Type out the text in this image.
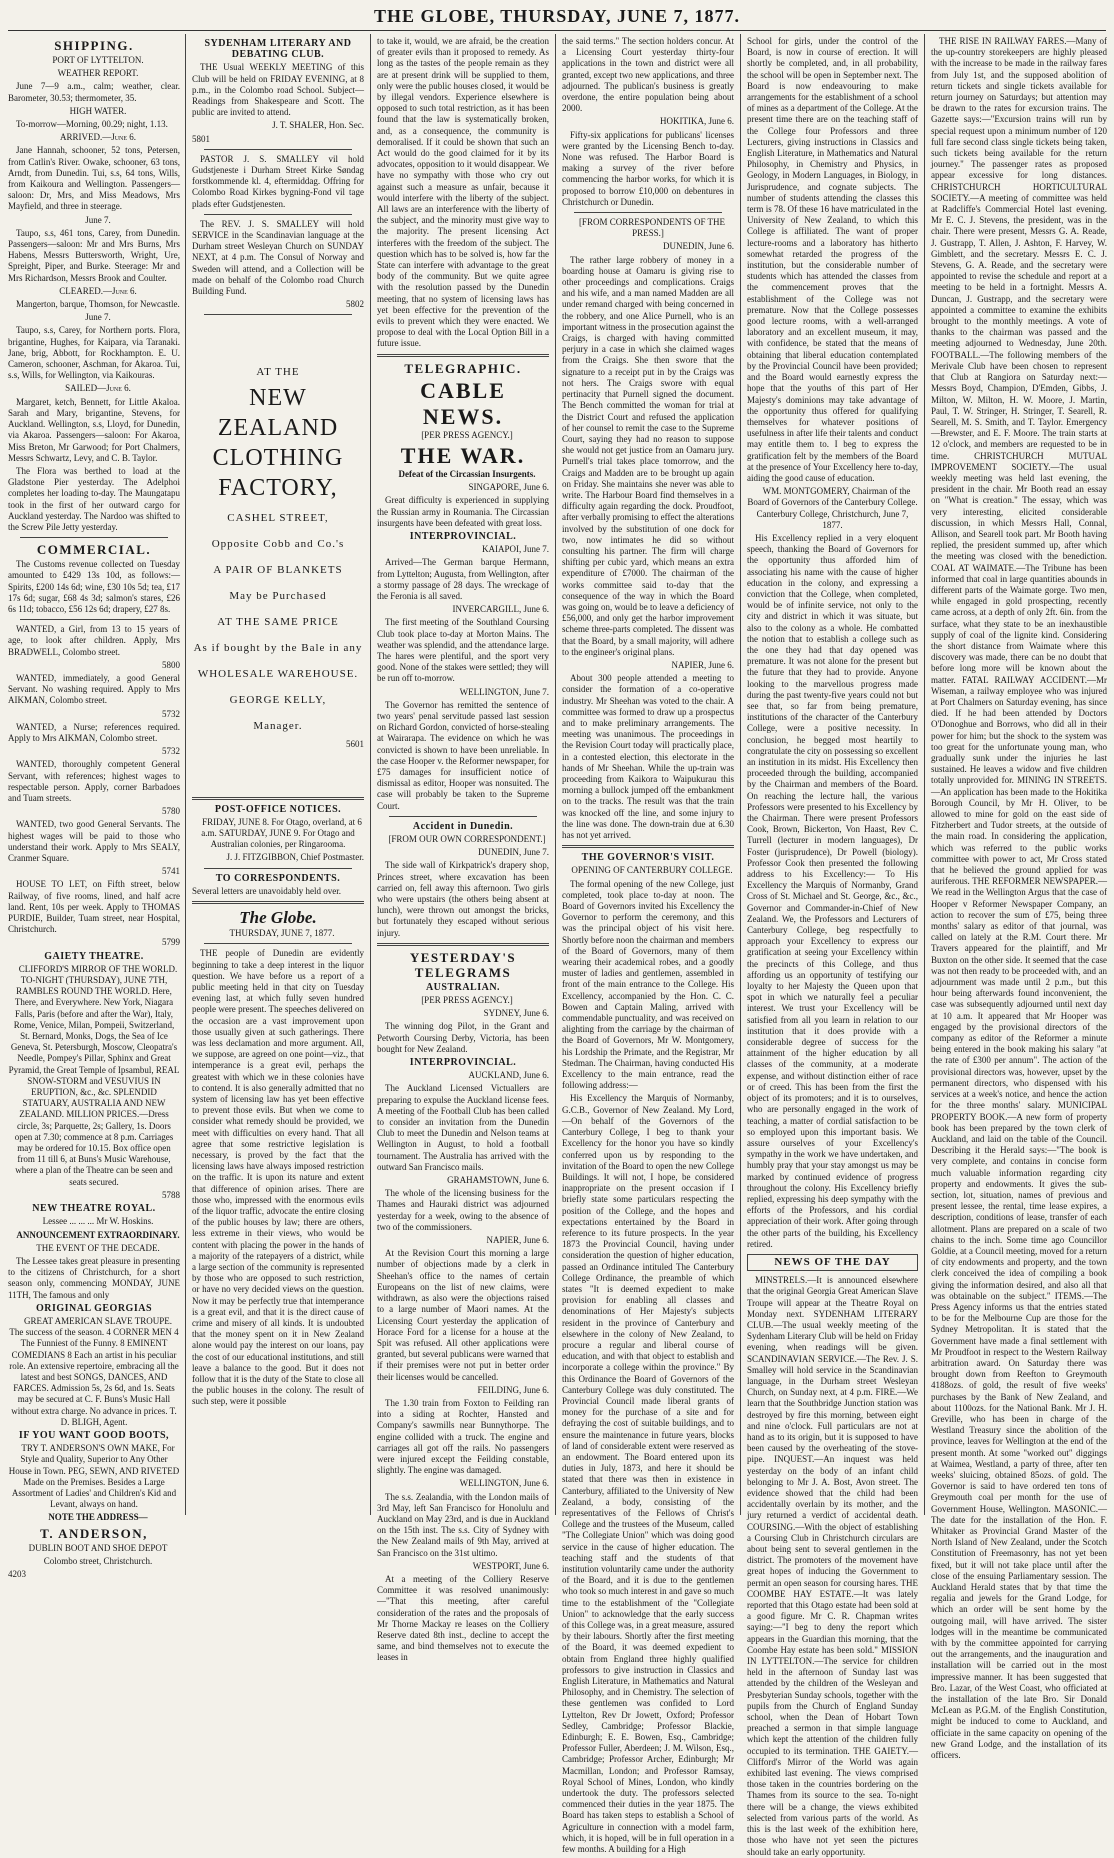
THE GLOBE, THURSDAY, JUNE 7, 1877.
SHIPPING.

PORT OF LYTTELTON.

WEATHER REPORT.

June 7—9 a.m., calm; weather, clear. Barometer, 30.53; thermometer, 35.

HIGH WATER.

To-morrow—Morning, 00.29; night, 1.13.

ARRIVED.—June 6.

Jane Hannah, schooner, 52 tons, Petersen, from Catlin's River. Owake, schooner, 63 tons, Arndt, from Dunedin. Tui, s.s, 64 tons, Wills, from Kaikoura and Wellington. Passengers—saloon: Dr, Mrs, and Miss Meadows, Mrs Mayfield, and three in steerage.

June 7.

Taupo, s.s, 461 tons, Carey, from Dunedin. Passengers—saloon: Mr and Mrs Burns, Mrs Habens, Messrs Buttersworth, Wright, Ure, Spreight, Piper, and Burke. Steerage: Mr and Mrs Richardson, Messrs Brook and Coulter.

CLEARED.—June 6.

Mangerton, barque, Thomson, for Newcastle.

June 7.

Taupo, s.s, Carey, for Northern ports. Flora, brigantine, Hughes, for Kaipara, via Taranaki. Jane, brig, Abbott, for Rockhampton. E. U. Cameron, schooner, Aschman, for Akaroa. Tui, s.s, Wills, for Wellington, via Kaikouras.

SAILED—June 6.

Margaret, ketch, Bennett, for Little Akaloa. Sarah and Mary, brigantine, Stevens, for Auckland. Wellington, s.s, Lloyd, for Dunedin, via Akaroa. Passengers—saloon: For Akaroa, Miss Breton, Mr Garwood; for Port Chalmers, Messrs Schwartz, Levy, and C. B. Taylor.

The Flora was berthed to load at the Gladstone Pier yesterday. The Adelphoi completes her loading to-day. The Maungatapu took in the first of her outward cargo for Auckland yesterday. The Nardoo was shifted to the Screw Pile Jetty yesterday.

COMMERCIAL.

The Customs revenue collected on Tuesday amounted to £429 13s 10d, as follows:—Spirits, £200 14s 6d; wine, £30 10s 5d; tea, £17 17s 6d; sugar, £68 4s 3d; salmon's stares, £26 6s 11d; tobacco, £56 12s 6d; drapery, £27 8s.

WANTED, a Girl, from 13 to 15 years of age, to look after children. Apply, Mrs BRADWELL, Colombo street.

5800

WANTED, immediately, a good General Servant. No washing required. Apply to Mrs AIKMAN, Colombo street.

5732

WANTED, a Nurse; references required. Apply to Mrs AIKMAN, Colombo street.

5732

WANTED, thoroughly competent General Servant, with references; highest wages to respectable person. Apply, corner Barbadoes and Tuam streets.

5780

WANTED, two good General Servants. The highest wages will be paid to those who understand their work. Apply to Mrs SEALY, Cranmer Square.

5741

HOUSE TO LET, on Fifth street, below Railway, of five rooms, lined, and half acre land. Rent, 10s per week. Apply to THOMAS PURDIE, Builder, Tuam street, near Hospital, Christchurch.

5799

GAIETY THEATRE.

CLIFFORD'S MIRROR OF THE WORLD. TO-NIGHT (THURSDAY), JUNE 7TH, RAMBLES ROUND THE WORLD. Here, There, and Everywhere. New York, Niagara Falls, Paris (before and after the War), Italy, Rome, Venice, Milan, Pompeii, Switzerland, St. Bernard, Monks, Dogs, the Sea of Ice Geneva, St. Petersburgh, Moscow, Cleopatra's Needle, Pompey's Pillar, Sphinx and Great Pyramid, the Great Temple of Ipsambul, REAL SNOW-STORM and VESUVIUS IN ERUPTION, &c., &c. SPLENDID STATUARY, AUSTRALIA AND NEW ZEALAND. MILLION PRICES.—Dress circle, 3s; Parquette, 2s; Gallery, 1s. Doors open at 7.30; commence at 8 p.m. Carriages may be ordered for 10.15. Box office open from 11 till 6, at Buns's Music Warehouse, where a plan of the Theatre can be seen and seats secured.

5788

NEW THEATRE ROYAL.

Lessee ... ... ... Mr W. Hoskins.

ANNOUNCEMENT EXTRAORDINARY.

THE EVENT OF THE DECADE.

The Lessee takes great pleasure in presenting to the citizens of Christchurch, for a short season only, commencing MONDAY, JUNE 11TH, The famous and only

ORIGINAL GEORGIAS

GREAT AMERICAN SLAVE TROUPE. The success of the season. 4 CORNER MEN 4 The Funniest of the Funny. 8 EMINENT COMEDIANS 8 Each an artist in his peculiar role. An extensive repertoire, embracing all the latest and best SONGS, DANCES, AND FARCES. Admission 5s, 2s 6d, and 1s. Seats may be secured at C. F. Buns's Music Hall without extra charge. No advance in prices. T. D. BLIGH, Agent.

IF YOU WANT GOOD BOOTS,

TRY T. ANDERSON'S OWN MAKE, For Style and Quality, Superior to Any Other House in Town. PEG, SEWN, AND RIVETED Made on the Premises. Besides a Large Assortment of Ladies' and Children's Kid and Levant, always on hand.

NOTE THE ADDRESS—

T. ANDERSON,

DUBLIN BOOT AND SHOE DEPOT

Colombo street, Christchurch.

4203

SYDENHAM LITERARY AND DEBATING CLUB.

THE Usual WEEKLY MEETING of this Club will be held on FRIDAY EVENING, at 8 p.m., in the Colombo road School. Subject—Readings from Shakespeare and Scott. The public are invited to attend.

J. T. SHALER, Hon. Sec.

5801

PASTOR J. S. SMALLEY vil hold Gudstjeneste i Durham Street Kirke Søndag forstkommende kl. 4, eftermiddag. Offring for Colombo Road Kirkes bygning-Fond vil tage plads efter Gudstjenesten.

The REV. J. S. SMALLEY will hold SERVICE in the Scandinavian language at the Durham street Wesleyan Church on SUNDAY NEXT, at 4 p.m. The Consul of Norway and Sweden will attend, and a Collection will be made on behalf of the Colombo road Church Building Fund.

5802

AT THE
NEW ZEALAND
CLOTHING FACTORY,
CASHEL STREET,
Opposite Cobb and Co.'s
A PAIR OF BLANKETS
May be Purchased
AT THE SAME PRICE
As if bought by the Bale in any
WHOLESALE WAREHOUSE.
GEORGE KELLY,
Manager.

5601

POST-OFFICE NOTICES.

FRIDAY, JUNE 8. For Otago, overland, at 6 a.m. SATURDAY, JUNE 9. For Otago and Australian colonies, per Ringarooma.

J. J. FITZGIBBON, Chief Postmaster.

TO CORRESPONDENTS.

Several letters are unavoidably held over.

The Globe.

THURSDAY, JUNE 7, 1877.

THE people of Dunedin are evidently beginning to take a deep interest in the liquor question. We have before us a report of a public meeting held in that city on Tuesday evening last, at which fully seven hundred people were present. The speeches delivered on the occasion are a vast improvement upon those usually given at such gatherings. There was less declamation and more argument. All, we suppose, are agreed on one point—viz., that intemperance is a great evil, perhaps the greatest with which we in these colonies have to contend. It is also generally admitted that no system of licensing law has yet been effective to prevent those evils. But when we come to consider what remedy should be provided, we meet with difficulties on every hand. That all agree that some restrictive legislation is necessary, is proved by the fact that the licensing laws have always imposed restriction on the traffic. It is upon its nature and extent that difference of opinion arises. There are those who, impressed with the enormous evils of the liquor traffic, advocate the entire closing of the public houses by law; there are others, less extreme in their views, who would be content with placing the power in the hands of a majority of the ratepayers of a district, while a large section of the community is represented by those who are opposed to such restriction, or have no very decided views on the question. Now it may be perfectly true that intemperance is a great evil, and that it is the direct cause of crime and misery of all kinds. It is undoubted that the money spent on it in New Zealand alone would pay the interest on our loans, pay the cost of our educational institutions, and still leave a balance to the good. But it does not follow that it is the duty of the State to close all the public houses in the colony. The result of such step, were it possible

to take it, would, we are afraid, be the creation of greater evils than it proposed to remedy. As long as the tastes of the people remain as they are at present drink will be supplied to them, only were the public houses closed, it would be by illegal vendors. Experience elsewhere is opposed to such total restriction, as it has been found that the law is systematically broken, and, as a consequence, the community is demoralised. If it could be shown that such an Act would do the good claimed for it by its advocates, opposition to it would disappear. We have no sympathy with those who cry out against such a measure as unfair, because it would interfere with the liberty of the subject. All laws are an interference with the liberty of the subject, and the minority must give way to the majority. The present licensing Act interferes with the freedom of the subject. The question which has to be solved is, how far the State can interfere with advantage to the great body of the community. But we quite agree with the resolution passed by the Dunedin meeting, that no system of licensing laws has yet been effective for the prevention of the evils to prevent which they were enacted. We propose to deal with the Local Option Bill in a future issue.

TELEGRAPHIC.
CABLE NEWS.

[PER PRESS AGENCY.]

THE WAR.

Defeat of the Circassian Insurgents.

SINGAPORE, June 6.

Great difficulty is experienced in supplying the Russian army in Roumania. The Circassian insurgents have been defeated with great loss.

INTERPROVINCIAL.

KAIAPOI, June 7.

Arrived—The German barque Hermann, from Lyttelton; Augusta, from Wellington, after a stormy passage of 28 days. The wreckage of the Feronia is all saved.

INVERCARGILL, June 6.

The first meeting of the Southland Coursing Club took place to-day at Morton Mains. The weather was splendid, and the attendance large. The hares were plentiful, and the sport very good. None of the stakes were settled; they will be run off to-morrow.

WELLINGTON, June 7.

The Governor has remitted the sentence of two years' penal servitude passed last session on Richard Gordon, convicted of horse-stealing at Wairarapa. The evidence on which he was convicted is shown to have been unreliable. In the case Hooper v. the Reformer newspaper, for £75 damages for insufficient notice of dismissal as editor, Hooper was nonsuited. The case will probably be taken to the Supreme Court.

Accident in Dunedin.

[FROM OUR OWN CORRESPONDENT.]

DUNEDIN, June 7.

The side wall of Kirkpatrick's drapery shop, Princes street, where excavation has been carried on, fell away this afternoon. Two girls who were upstairs (the others being absent at lunch), were thrown out amongst the bricks, but fortunately they escaped without serious injury.

YESTERDAY'S TELEGRAMS
AUSTRALIAN.

[PER PRESS AGENCY.]

SYDNEY, June 6.

The winning dog Pilot, in the Grant and Petworth Coursing Derby, Victoria, has been bought for New Zealand.

INTERPROVINCIAL.

AUCKLAND, June 6.

The Auckland Licensed Victuallers are preparing to expulse the Auckland license fees. A meeting of the Football Club has been called to consider an invitation from the Dunedin Club to meet the Dunedin and Nelson teams at Wellington in August, to hold a football tournament. The Australia has arrived with the outward San Francisco mails.

GRAHAMSTOWN, June 6.

The whole of the licensing business for the Thames and Hauraki district was adjourned yesterday for a week, owing to the absence of two of the commissioners.

NAPIER, June 6.

At the Revision Court this morning a large number of objections made by a clerk in Sheehan's office to the names of certain Europeans on the list of new claims, were withdrawn, as also were the objections raised to a large number of Maori names. At the Licensing Court yesterday the application of Horace Ford for a license for a house at the Spit was refused. All other applications were granted, but several publicans were warned that if their premises were not put in better order their licenses would be cancelled.

FEILDING, June 6.

The 1.30 train from Foxton to Feilding ran into a siding at Rochter, Hansted and Company's sawmills near Bunnythorpe. The engine collided with a truck. The engine and carriages all got off the rails. No passengers were injured except the Feilding constable, slightly. The engine was damaged.

WELLINGTON, June 6.

The s.s. Zealandia, with the London mails of 3rd May, left San Francisco for Honolulu and Auckland on May 23rd, and is due in Auckland on the 15th inst. The s.s. City of Sydney with the New Zealand mails of 9th May, arrived at San Francisco on the 31st ultimo.

WESTPORT, June 6.

At a meeting of the Colliery Reserve Committee it was resolved unanimously:—"That this meeting, after careful consideration of the rates and the proposals of Mr Thorne Mackay re leases on the Colliery Reserve dated 8th inst., decline to accept the same, and bind themselves not to execute the leases in

the said terms." The section holders concur. At a Licensing Court yesterday thirty-four applications in the town and district were all granted, except two new applications, and three adjourned. The publican's business is greatly overdone, the entire population being about 2000.

HOKITIKA, June 6.

Fifty-six applications for publicans' licenses were granted by the Licensing Bench to-day. None was refused. The Harbor Board is making a survey of the river before commencing the harbor works, for which it is proposed to borrow £10,000 on debentures in Christchurch or Dunedin.

[FROM CORRESPONDENTS OF THE PRESS.]

DUNEDIN, June 6.

The rather large robbery of money in a boarding house at Oamaru is giving rise to other proceedings and complications. Craigs and his wife, and a man named Madden are all under remand charged with being concerned in the robbery, and one Alice Purnell, who is an important witness in the prosecution against the Craigs, is charged with having committed perjury in a case in which she claimed wages from the Craigs. She then swore that the signature to a receipt put in by the Craigs was not hers. The Craigs swore with equal pertinacity that Purnell signed the document. The Bench committed the woman for trial at the District Court and refused the application of her counsel to remit the case to the Supreme Court, saying they had no reason to suppose she would not get justice from an Oamaru jury. Purnell's trial takes place tomorrow, and the Craigs and Madden are to be brought up again on Friday. She maintains she never was able to write. The Harbour Board find themselves in a difficulty again regarding the dock. Proudfoot, after verbally promising to effect the alterations involved by the substitution of one dock for two, now intimates he did so without consulting his partner. The firm will charge shifting per cubic yard, which means an extra expenditure of £7000. The chairman of the works committee said to-day that the consequence of the way in which the Board was going on, would be to leave a deficiency of £56,000, and only get the harbor improvement scheme three-parts completed. The dissent was that the Board, by a small majority, will adhere to the engineer's original plans.

NAPIER, June 6.

About 300 people attended a meeting to consider the formation of a co-operative industry. Mr Sheehan was voted to the chair. A committee was formed to draw up a prospectus and to make preliminary arrangements. The meeting was unanimous. The proceedings in the Revision Court today will practically place, in a contested election, this electorate in the hands of Mr Sheehan. While the up-train was proceeding from Kaikora to Waipukurau this morning a bullock jumped off the embankment on to the tracks. The result was that the train was knocked off the line, and some injury to the line was done. The down-train due at 6.30 has not yet arrived.

THE GOVERNOR'S VISIT.

OPENING OF CANTERBURY COLLEGE.

The formal opening of the new College, just completed, took place to-day at noon. The Board of Governors invited his Excellency the Governor to perform the ceremony, and this was the principal object of his visit here. Shortly before noon the chairman and members of the Board of Governors, many of them wearing their academical robes, and a goodly muster of ladies and gentlemen, assembled in front of the main entrance to the College. His Excellency, accompanied by the Hon. C. C. Bowen and Captain Maling, arrived with commendable punctuality, and was received on alighting from the carriage by the chairman of the Board of Governors, Mr W. Montgomery, his Lordship the Primate, and the Registrar, Mr Stedman. The Chairman, having conducted His Excellency to the main entrance, read the following address:—

His Excellency the Marquis of Normanby, G.C.B., Governor of New Zealand. My Lord,—On behalf of the Governors of the Canterbury College, I beg to thank your Excellency for the honor you have so kindly conferred upon us by responding to the invitation of the Board to open the new College Buildings. It will not, I hope, be considered inappropriate on the present occasion if I briefly state some particulars respecting the position of the College, and the hopes and expectations entertained by the Board in reference to its future prospects. In the year 1873 the Provincial Council, having under consideration the question of higher education, passed an Ordinance intituled The Canterbury College Ordinance, the preamble of which states "It is deemed expedient to make provision for enabling all classes and denominations of Her Majesty's subjects resident in the province of Canterbury and elsewhere in the colony of New Zealand, to procure a regular and liberal course of education, and with that object to establish and incorporate a college within the province." By this Ordinance the Board of Governors of the Canterbury College was duly constituted. The Provincial Council made liberal grants of money for the purchase of a site and for defraying the cost of suitable buildings, and to ensure the maintenance in future years, blocks of land of considerable extent were reserved as an endowment. The Board entered upon its duties in July, 1873, and here it should be stated that there was then in existence in Canterbury, affiliated to the University of New Zealand, a body, consisting of the representatives of the Fellows of Christ's College and the trustees of the Museum, called "The Collegiate Union" which was doing good service in the cause of higher education. The teaching staff and the students of that institution voluntarily came under the authority of the Board, and it is due to the gentlemen who took so much interest in and gave so much time to the establishment of the "Collegiate Union" to acknowledge that the early success of this College was, in a great measure, assured by their labours. Shortly after the first meeting of the Board, it was deemed expedient to obtain from England three highly qualified professors to give instruction in Classics and English Literature, in Mathematics and Natural Philosophy, and in Chemistry. The selection of these gentlemen was confided to Lord Lyttelton, Rev Dr Jowett, Oxford; Professor Sedley, Cambridge; Professor Blackie, Edinburgh; E. E. Bowen, Esq., Cambridge; Professor Fuller, Aberdeen; J. M. Wilson, Esq., Cambridge; Professor Archer, Edinburgh; Mr Macmillan, London; and Professor Ramsay, Royal School of Mines, London, who kindly undertook the duty. The professors selected commenced their duties in the year 1875. The Board has taken steps to establish a School of Agriculture in connection with a model farm, which, it is hoped, will be in full operation in a few months. A building for a High

School for girls, under the control of the Board, is now in course of erection. It will shortly be completed, and, in all probability, the school will be open in September next. The Board is now endeavouring to make arrangements for the establishment of a school of mines as a department of the College. At the present time there are on the teaching staff of the College four Professors and three Lecturers, giving instructions in Classics and English Literature, in Mathematics and Natural Philosophy, in Chemistry and Physics, in Geology, in Modern Languages, in Biology, in Jurisprudence, and cognate subjects. The number of students attending the classes this term is 78. Of these 16 have matriculated in the University of New Zealand, to which this College is affiliated. The want of proper lecture-rooms and a laboratory has hitherto somewhat retarded the progress of the institution, but the considerable number of students which has attended the classes from the commencement proves that the establishment of the College was not premature. Now that the College possesses good lecture rooms, with a well-arranged laboratory and an excellent museum, it may, with confidence, be stated that the means of obtaining that liberal education contemplated by the Provincial Council have been provided; and the Board would earnestly express the hope that the youths of this part of Her Majesty's dominions may take advantage of the opportunity thus offered for qualifying themselves for whatever positions of usefulness in after life their talents and conduct may entitle them to. I beg to express the gratification felt by the members of the Board at the presence of Your Excellency here to-day, aiding the good cause of education.

WM. MONTGOMERY, Chairman of the Board of Governors of the Canterbury College. Canterbury College, Christchurch, June 7, 1877.

His Excellency replied in a very eloquent speech, thanking the Board of Governors for the opportunity thus afforded him of associating his name with the cause of higher education in the colony, and expressing a conviction that the College, when completed, would be of infinite service, not only to the city and district in which it was situate, but also to the colony as a whole. He combatted the notion that to establish a college such as the one they had that day opened was premature. It was not alone for the present but the future that they had to provide. Anyone looking to the marvellous progress made during the past twenty-five years could not but see that, so far from being premature, institutions of the character of the Canterbury College, were a positive necessity. In conclusion, he begged most heartily to congratulate the city on possessing so excellent an institution in its midst. His Excellency then proceeded through the building, accompanied by the Chairman and members of the Board. On reaching the lecture hall, the various Professors were presented to his Excellency by the Chairman. There were present Professors Cook, Brown, Bickerton, Von Haast, Rev C. Turrell (lecturer in modern languages), Dr Foster (jurisprudence), Dr Powell (biology). Professor Cook then presented the following address to his Excellency:— To His Excellency the Marquis of Normanby, Grand Cross of St. Michael and St. George, &c., &c., Governor and Commander-in-Chief of New Zealand. We, the Professors and Lecturers of Canterbury College, beg respectfully to approach your Excellency to express our gratification at seeing your Excellency within the precincts of this College, and thus affording us an opportunity of testifying our loyalty to her Majesty the Queen upon that spot in which we naturally feel a peculiar interest. We trust your Excellency will be satisfied from all you learn in relation to our institution that it does provide with a considerable degree of success for the attainment of the higher education by all classes of the community, at a moderate expense, and without distinction either of race or of creed. This has been from the first the object of its promoters; and it is to ourselves, who are personally engaged in the work of teaching, a matter of cordial satisfaction to be so employed upon this important basis. We assure ourselves of your Excellency's sympathy in the work we have undertaken, and humbly pray that your stay amongst us may be marked by continued evidence of progress throughout the colony. His Excellency briefly replied, expressing his deep sympathy with the efforts of the Professors, and his cordial appreciation of their work. After going through the other parts of the building, his Excellency retired.

NEWS OF THE DAY

MINSTRELS.—It is announced elsewhere that the original Georgia Great American Slave Troupe will appear at the Theatre Royal on Monday next. SYDENHAM LITERARY CLUB.—The usual weekly meeting of the Sydenham Literary Club will be held on Friday evening, when readings will be given. SCANDINAVIAN SERVICE.—The Rev. J. S. Smalley will hold service in the Scandinavian language, in the Durham street Wesleyan Church, on Sunday next, at 4 p.m. FIRE.—We learn that the Southbridge Junction station was destroyed by fire this morning, between eight and nine o'clock. Full particulars are not at hand as to its origin, but it is supposed to have been caused by the overheating of the stove-pipe. INQUEST.—An inquest was held yesterday on the body of an infant child belonging to Mr J. A. Bost, Avon street. The evidence showed that the child had been accidentally overlain by its mother, and the jury returned a verdict of accidental death. COURSING.—With the object of establishing a Coursing Club in Christchurch circulars are about being sent to several gentlemen in the district. The promoters of the movement have great hopes of inducing the Government to permit an open season for coursing hares. THE COOMBE HAY ESTATE.—It was lately reported that this Otago estate had been sold at a good figure. Mr C. R. Chapman writes saying:—"I beg to deny the report which appears in the Guardian this morning, that the Coombe Hay estate has been sold." MISSION IN LYTTELTON.—The service for children held in the afternoon of Sunday last was attended by the children of the Wesleyan and Presbyterian Sunday schools, together with the pupils from the Church of England Sunday school, when the Dean of Hobart Town preached a sermon in that simple language which kept the attention of the children fully occupied to its termination. THE GAIETY.—Clifford's Mirror of the World was again exhibited last evening. The views comprised those taken in the countries bordering on the Thames from its source to the sea. To-night there will be a change, the views exhibited selected from various parts of the world. As this is the last week of the exhibition here, those who have not yet seen the pictures should take an early opportunity.

THE RISE IN RAILWAY FARES.—Many of the up-country storekeepers are highly pleased with the increase to be made in the railway fares from July 1st, and the supposed abolition of return tickets and single tickets available for return journey on Saturdays; but attention may be drawn to the rates for excursion trains. The Gazette says:—"Excursion trains will run by special request upon a minimum number of 120 full fare second class single tickets being taken, such tickets being available for the return journey." The passenger rates as proposed appear excessive for long distances. CHRISTCHURCH HORTICULTURAL SOCIETY.—A meeting of committee was held at Radcliffe's Commercial Hotel last evening. Mr E. C. J. Stevens, the president, was in the chair. There were present, Messrs G. A. Reade, J. Gustrapp, T. Allen, J. Ashton, F. Harvey, W. Gimblett, and the secretary. Messrs E. C. J. Stevens, G. A. Reade, and the secretary were appointed to revise the schedule and report at a meeting to be held in a fortnight. Messrs A. Duncan, J. Gustrapp, and the secretary were appointed a committee to examine the exhibits brought to the monthly meetings. A vote of thanks to the chairman was passed and the meeting adjourned to Wednesday, June 20th. FOOTBALL.—The following members of the Merivale Club have been chosen to represent that Club at Rangiora on Saturday next:—Messrs Boyd, Champion, D'Emden, Gibbs, J. Milton, W. Milton, H. W. Moore, J. Martin, Paul, T. W. Stringer, H. Stringer, T. Searell, R. Searell, M. S. Smith, and T. Taylor. Emergency—Brewster, and E. F. Moore. The train starts at 12 o'clock, and members are requested to be in time. CHRISTCHURCH MUTUAL IMPROVEMENT SOCIETY.—The usual weekly meeting was held last evening, the president in the chair. Mr Booth read an essay on "What is creation." The essay, which was very interesting, elicited considerable discussion, in which Messrs Hall, Connal, Allison, and Searell took part. Mr Booth having replied, the president summed up, after which the meeting was closed with the benediction. COAL AT WAIMATE.—The Tribune has been informed that coal in large quantities abounds in different parts of the Waimate gorge. Two men, while engaged in gold prospecting, recently came across, at a depth of only 2ft. 6in. from the surface, what they state to be an inexhaustible supply of coal of the lignite kind. Considering the short distance from Waimate where this discovery was made, there can be no doubt that before long more will be known about the matter. FATAL RAILWAY ACCIDENT.—Mr Wiseman, a railway employee who was injured at Port Chalmers on Saturday evening, has since died. If he had been attended by Doctors O'Donoghue and Borrows, who did all in their power for him; but the shock to the system was too great for the unfortunate young man, who gradually sunk under the injuries he last sustained. He leaves a widow and five children totally unprovided for. MINING IN STREETS.—An application has been made to the Hokitika Borough Council, by Mr H. Oliver, to be allowed to mine for gold on the east side of Fitzherbert and Tudor streets, at the outside of the main road. In considering the application, which was referred to the public works committee with power to act, Mr Cross stated that he believed the ground applied for was auriferous. THE REFORMER NEWSPAPER.—We read in the Wellington Argus that the case of Hooper v Reformer Newspaper Company, an action to recover the sum of £75, being three months' salary as editor of that journal, was called on lately at the R.M. Court there. Mr Travers appeared for the plaintiff, and Mr Buxton on the other side. It seemed that the case was not then ready to be proceeded with, and an adjournment was made until 2 p.m., but this hour being afterwards found inconvenient, the case was subsequently adjourned until next day at 10 a.m. It appeared that Mr Hooper was engaged by the provisional directors of the company as editor of the Reformer a minute being entered in the book making his salary "at the rate of £300 per annum". The action of the provisional directors was, however, upset by the permanent directors, who dispensed with his services at a week's notice, and hence the action for the three months' salary. MUNICIPAL PROPERTY BOOK.—A new form of property book has been prepared by the town clerk of Auckland, and laid on the table of the Council. Describing it the Herald says:—"The book is very complete, and contains in concise form much valuable information regarding city property and endowments. It gives the sub-section, lot, situation, names of previous and present lessee, the rental, time lease expires, a description, conditions of lease, transfer of each allotment. Plans are prepared on a scale of two chains to the inch. Some time ago Councillor Goldie, at a Council meeting, moved for a return of city endowments and property, and the town clerk conceived the idea of compiling a book giving the information desired, and also all that was obtainable on the subject." ITEMS.—The Press Agency informs us that the entries stated to be for the Melbourne Cup are those for the Sydney Metropolitan. It is stated that the Government have made a final settlement with Mr Proudfoot in respect to the Western Railway arbitration award. On Saturday there was brought down from Reefton to Greymouth 4188ozs. of gold, the result of five weeks' purchases by the Bank of New Zealand, and about 1100ozs. for the National Bank. Mr J. H. Greville, who has been in charge of the Westland Treasury since the abolition of the province, leaves for Wellington at the end of the present month. At some "worked out" diggings at Waimea, Westland, a party of three, after ten weeks' sluicing, obtained 85ozs. of gold. The Governor is said to have ordered ten tons of Greymouth coal per month for the use of Government House, Wellington. MASONIC.—The date for the installation of the Hon. F. Whitaker as Provincial Grand Master of the North Island of New Zealand, under the Scotch Constitution of Freemasonry, has not yet been fixed, but it will not take place until after the close of the ensuing Parliamentary session. The Auckland Herald states that by that time the regalia and jewels for the Grand Lodge, for which an order will be sent home by the outgoing mail, will have arrived. The sister lodges will in the meantime be communicated with by the committee appointed for carrying out the arrangements, and the inauguration and installation will be carried out in the most impressive manner. It has been suggested that Bro. Lazar, of the West Coast, who officiated at the installation of the late Bro. Sir Donald McLean as P.G.M. of the English Constitution, might be induced to come to Auckland, and officiate in the same capacity on opening of the new Grand Lodge, and the installation of its officers.
